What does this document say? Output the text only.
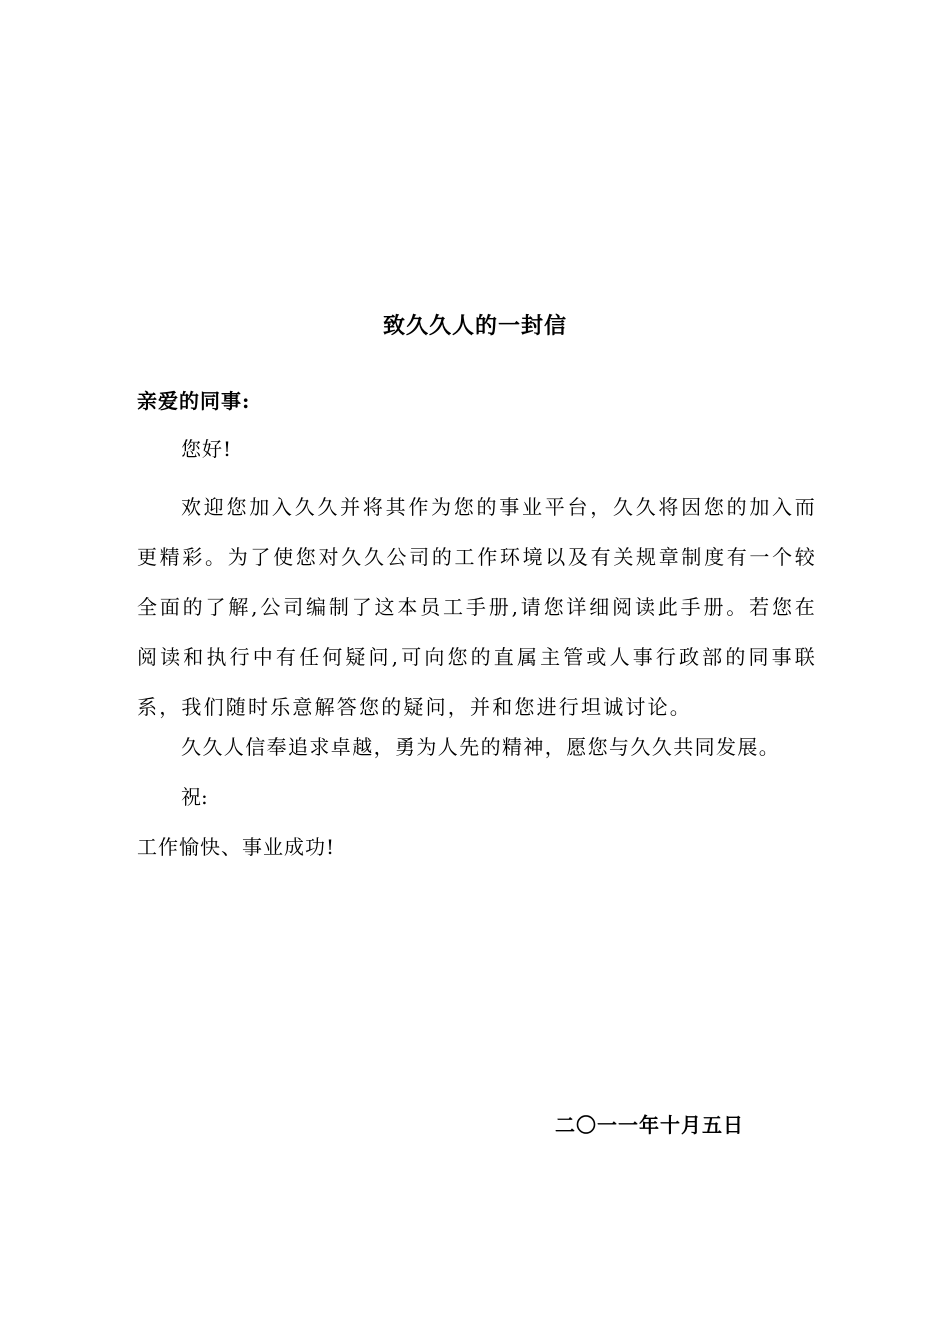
致久久人的一封信
亲爱的同事:
您好!

欢迎您加入久久并将其作为您的事业平台，久久将因您的加入而更精彩。为了使您对久久公司的工作环境以及有关规章制度有一个较全面的了解,公司编制了这本员工手册,请您详细阅读此手册。若您在阅读和执行中有任何疑问,可向您的直属主管或人事行政部的同事联系，我们随时乐意解答您的疑问，并和您进行坦诚讨论。

久久人信奉追求卓越，勇为人先的精神，愿您与久久共同发展。
祝:
工作愉快、事业成功!
二〇一一年十月五日
